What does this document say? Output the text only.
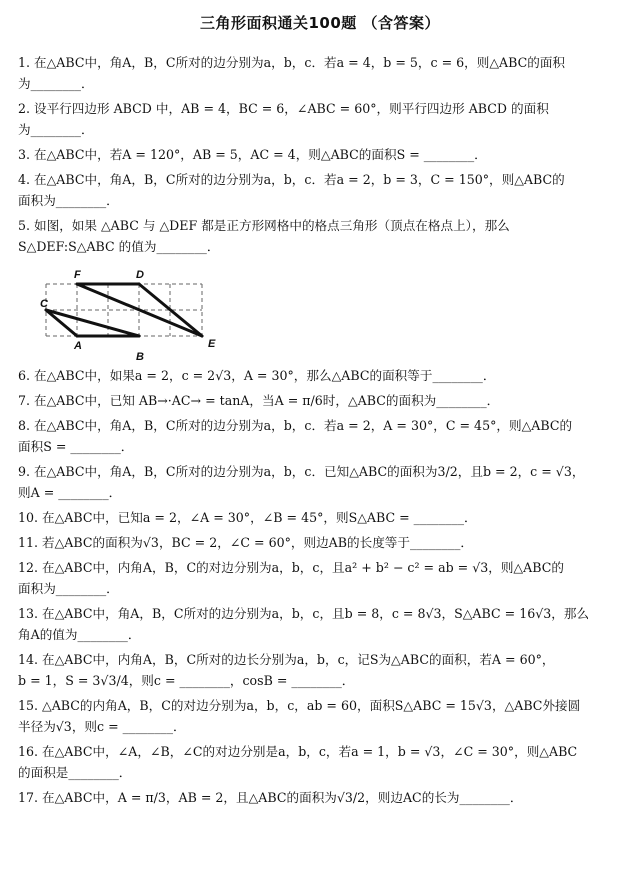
三角形面积通关100题 （含答案）

1. 在△ABC中，角A，B，C所对的边分别为a，b，c．若a = 4，b = 5，c = 6，则△ABC的面积

为________．

2. 设平行四边形 ABCD 中，AB = 4，BC = 6，∠ABC = 60°，则平行四边形 ABCD 的面积

为________．

3. 在△ABC中，若A = 120°，AB = 5，AC = 4，则△ABC的面积S = ________．

4. 在△ABC中，角A，B，C所对的边分别为a，b，c．若a = 2，b = 3，C = 150°，则△ABC的

面积为________．

5. 如图，如果 △ABC 与 △DEF 都是正方形网格中的格点三角形（顶点在格点上），那么

S△DEF:S△ABC 的值为________．

6. 在△ABC中，如果a = 2，c = 2√3，A = 30°，那么△ABC的面积等于________．

7. 在△ABC中，已知 AB→·AC→ = tanA，当A = π/6时，△ABC的面积为________．

8. 在△ABC中，角A，B，C所对的边分别为a，b，c．若a = 2，A = 30°，C = 45°，则△ABC的

面积S = ________．

9. 在△ABC中，角A，B，C所对的边分别为a，b，c．已知△ABC的面积为3/2，且b = 2，c = √3，

则A = ________．

10. 在△ABC中，已知a = 2，∠A = 30°，∠B = 45°，则S△ABC = ________．

11. 若△ABC的面积为√3，BC = 2，∠C = 60°，则边AB的长度等于________．

12. 在△ABC中，内角A，B，C的对边分别为a，b，c，且a² + b² − c² = ab = √3，则△ABC的

面积为________．

13. 在△ABC中，角A，B，C所对的边分别为a，b，c，且b = 8，c = 8√3，S△ABC = 16√3，那么

角A的值为________．

14. 在△ABC中，内角A，B，C所对的边长分别为a，b，c，记S为△ABC的面积，若A = 60°，

b = 1，S = 3√3/4，则c = ________，cosB = ________．

15. △ABC的内角A，B，C的对边分别为a，b，c，ab = 60，面积S△ABC = 15√3，△ABC外接圆

半径为√3，则c = ________．

16. 在△ABC中，∠A，∠B，∠C的对边分别是a，b，c，若a = 1，b = √3，∠C = 30°，则△ABC

的面积是________．

17. 在△ABC中，A = π/3，AB = 2，且△ABC的面积为√3/2，则边AC的长为________．

F	D
C
A
B
E
